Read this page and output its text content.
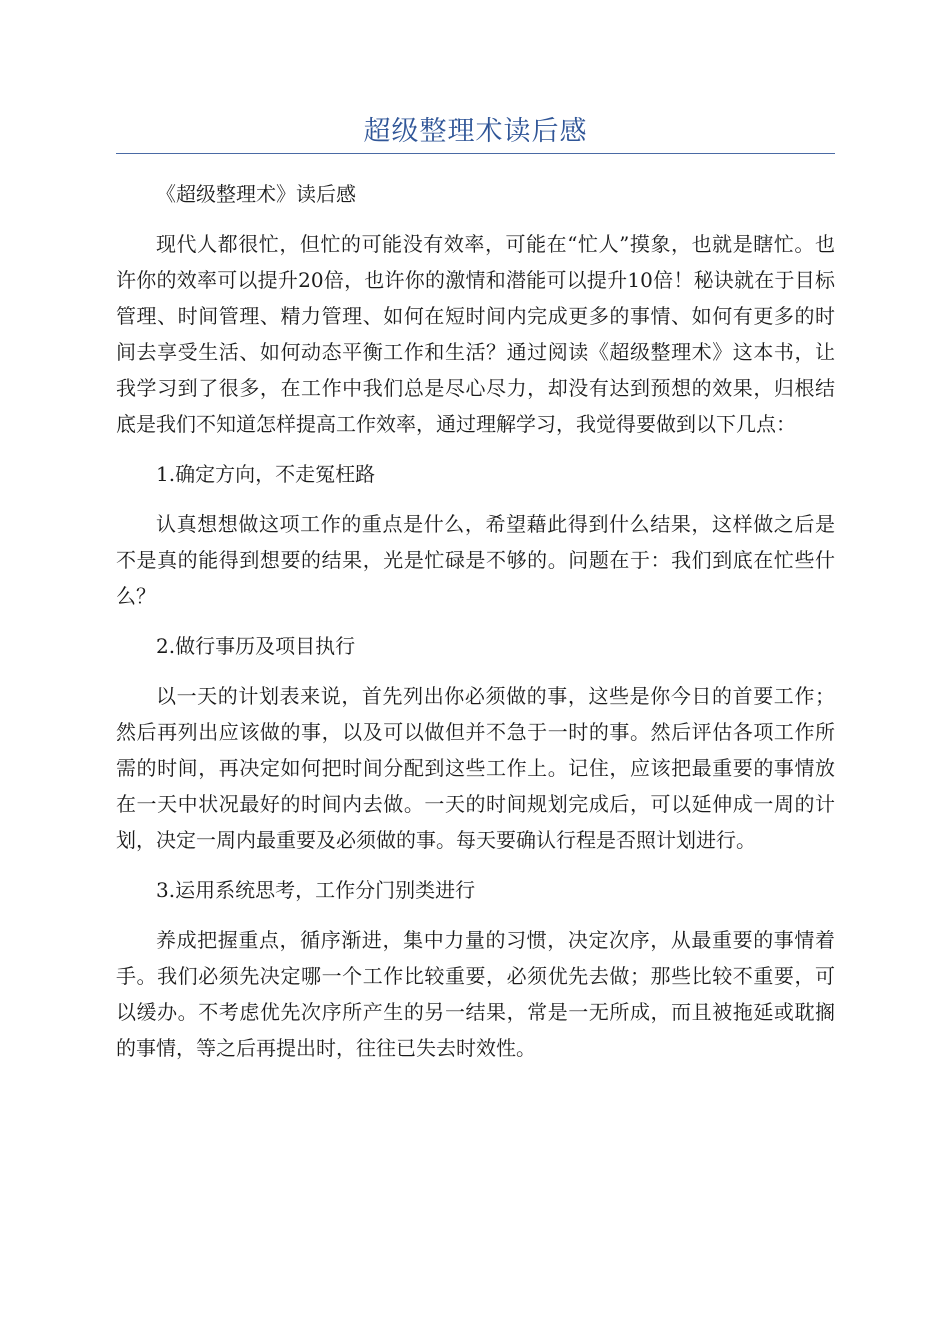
超级整理术读后感

《超级整理术》读后感

现代人都很忙，但忙的可能没有效率，可能在“忙人”摸象，也就是瞎忙。也许你的效率可以提升20倍，也许你的激情和潜能可以提升10倍！秘诀就在于目标管理、时间管理、精力管理、如何在短时间内完成更多的事情、如何有更多的时间去享受生活、如何动态平衡工作和生活？通过阅读《超级整理术》这本书，让我学习到了很多，在工作中我们总是尽心尽力，却没有达到预想的效果，归根结底是我们不知道怎样提高工作效率，通过理解学习，我觉得要做到以下几点：

1.确定方向，不走冤枉路

认真想想做这项工作的重点是什么，希望藉此得到什么结果，这样做之后是不是真的能得到想要的结果，光是忙碌是不够的。问题在于：我们到底在忙些什么？

2.做行事历及项目执行

以一天的计划表来说，首先列出你必须做的事，这些是你今日的首要工作；然后再列出应该做的事，以及可以做但并不急于一时的事。然后评估各项工作所需的时间，再决定如何把时间分配到这些工作上。记住，应该把最重要的事情放在一天中状况最好的时间内去做。一天的时间规划完成后，可以延伸成一周的计划，决定一周内最重要及必须做的事。每天要确认行程是否照计划进行。

3.运用系统思考，工作分门别类进行

养成把握重点，循序渐进，集中力量的习惯，决定次序，从最重要的事情着手。我们必须先决定哪一个工作比较重要，必须优先去做；那些比较不重要，可以缓办。不考虑优先次序所产生的另一结果，常是一无所成，而且被拖延或耽搁的事情，等之后再提出时，往往已失去时效性。
